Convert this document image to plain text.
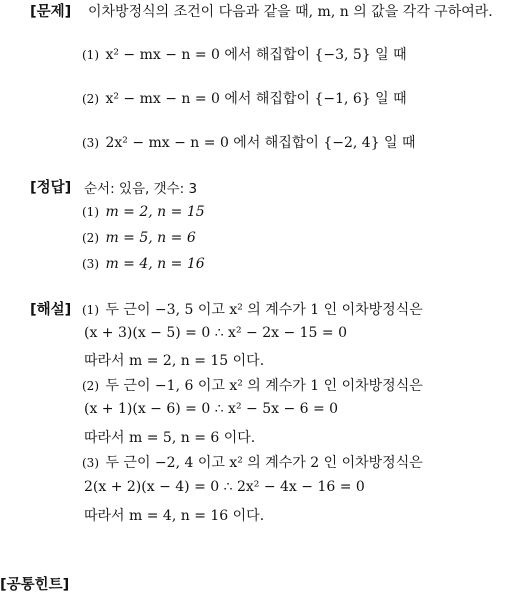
[문제] 이차방정식의 조건이 다음과 같을 때, m, n 의 값을 각각 구하여라.
(1) x² − mx − n = 0 에서 해집합이 {−3, 5} 일 때
(2) x² − mx − n = 0 에서 해집합이 {−1, 6} 일 때
(3) 2x² − mx − n = 0 에서 해집합이 {−2, 4} 일 때
[정답] 순서: 있음, 갯수: 3
(1) m = 2, n = 15
(2) m = 5, n = 6
(3) m = 4, n = 16
[해설] (1) 두 근이 −3, 5 이고 x² 의 계수가 1 인 이차방정식은
(x + 3)(x − 5) = 0 ∴ x² − 2x − 15 = 0
따라서 m = 2, n = 15 이다.
(2) 두 근이 −1, 6 이고 x² 의 계수가 1 인 이차방정식은
(x + 1)(x − 6) = 0 ∴ x² − 5x − 6 = 0
따라서 m = 5, n = 6 이다.
(3) 두 근이 −2, 4 이고 x² 의 계수가 2 인 이차방정식은
2(x + 2)(x − 4) = 0 ∴ 2x² − 4x − 16 = 0
따라서 m = 4, n = 16 이다.
[공통힌트]
